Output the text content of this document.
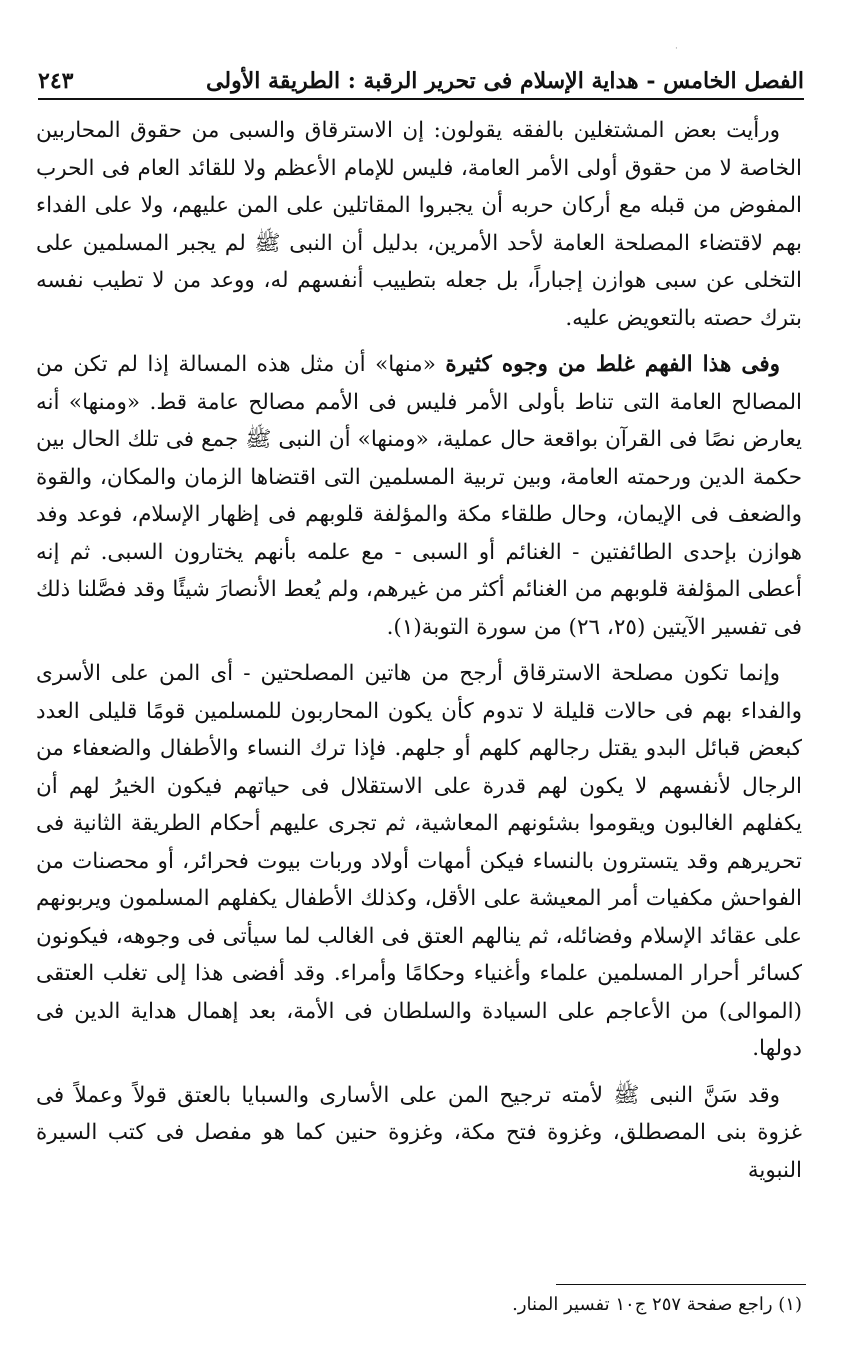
·
الفصل الخامس - هداية الإسلام فى تحرير الرقبة : الطريقة الأولى
٢٤٣

ورأيت بعض المشتغلين بالفقه يقولون: إن الاسترقاق والسبى من حقوق المحاربين الخاصة لا من حقوق أولى الأمر العامة، فليس للإمام الأعظم ولا للقائد العام فى الحرب المفوض من قبله مع أركان حربه أن يجبروا المقاتلين على المن عليهم، ولا على الفداء بهم لاقتضاء المصلحة العامة لأحد الأمرين، بدليل أن النبى ﷺ لم يجبر المسلمين على التخلى عن سبى هوازن إجباراً، بل جعله بتطييب أنفسهم له، ووعد من لا تطيب نفسه بترك حصته بالتعويض عليه.

وفى هذا الفهم غلط من وجوه كثيرة «منها» أن مثل هذه المسالة إذا لم تكن من المصالح العامة التى تناط بأولى الأمر فليس فى الأمم مصالح عامة قط. «ومنها» أنه يعارض نصًا فى القرآن بواقعة حال عملية، «ومنها» أن النبى ﷺ جمع فى تلك الحال بين حكمة الدين ورحمته العامة، وبين تربية المسلمين التى اقتضاها الزمان والمكان، والقوة والضعف فى الإيمان، وحال طلقاء مكة والمؤلفة قلوبهم فى إظهار الإسلام، فوعد وفد هوازن بإحدى الطائفتين - الغنائم أو السبى - مع علمه بأنهم يختارون السبى. ثم إنه أعطى المؤلفة قلوبهم من الغنائم أكثر من غيرهم، ولم يُعط الأنصارَ شيئًا وقد فصَّلنا ذلك فى تفسير الآيتين (٢٥، ٢٦) من سورة التوبة(١).

وإنما تكون مصلحة الاسترقاق أرجح من هاتين المصلحتين - أى المن على الأسرى والفداء بهم فى حالات قليلة لا تدوم كأن يكون المحاربون للمسلمين قومًا قليلى العدد كبعض قبائل البدو يقتل رجالهم كلهم أو جلهم. فإذا ترك النساء والأطفال والضعفاء من الرجال لأنفسهم لا يكون لهم قدرة على الاستقلال فى حياتهم فيكون الخيرُ لهم أن يكفلهم الغالبون ويقوموا بشئونهم المعاشية، ثم تجرى عليهم أحكام الطريقة الثانية فى تحريرهم وقد يتسترون بالنساء فيكن أمهات أولاد وربات بيوت فحرائر، أو محصنات من الفواحش مكفيات أمر المعيشة على الأقل، وكذلك الأطفال يكفلهم المسلمون ويربونهم على عقائد الإسلام وفضائله، ثم ينالهم العتق فى الغالب لما سيأتى فى وجوهه، فيكونون كسائر أحرار المسلمين علماء وأغنياء وحكامًا وأمراء. وقد أفضى هذا إلى تغلب العتقى (الموالى) من الأعاجم على السيادة والسلطان فى الأمة، بعد إهمال هداية الدين فى دولها.

وقد سَنَّ النبى ﷺ لأمته ترجيح المن على الأسارى والسبايا بالعتق قولاً وعملاً فى غزوة بنى المصطلق، وغزوة فتح مكة، وغزوة حنين كما هو مفصل فى كتب السيرة النبوية

(١) راجع صفحة ٢٥٧ ج١٠ تفسير المنار.
